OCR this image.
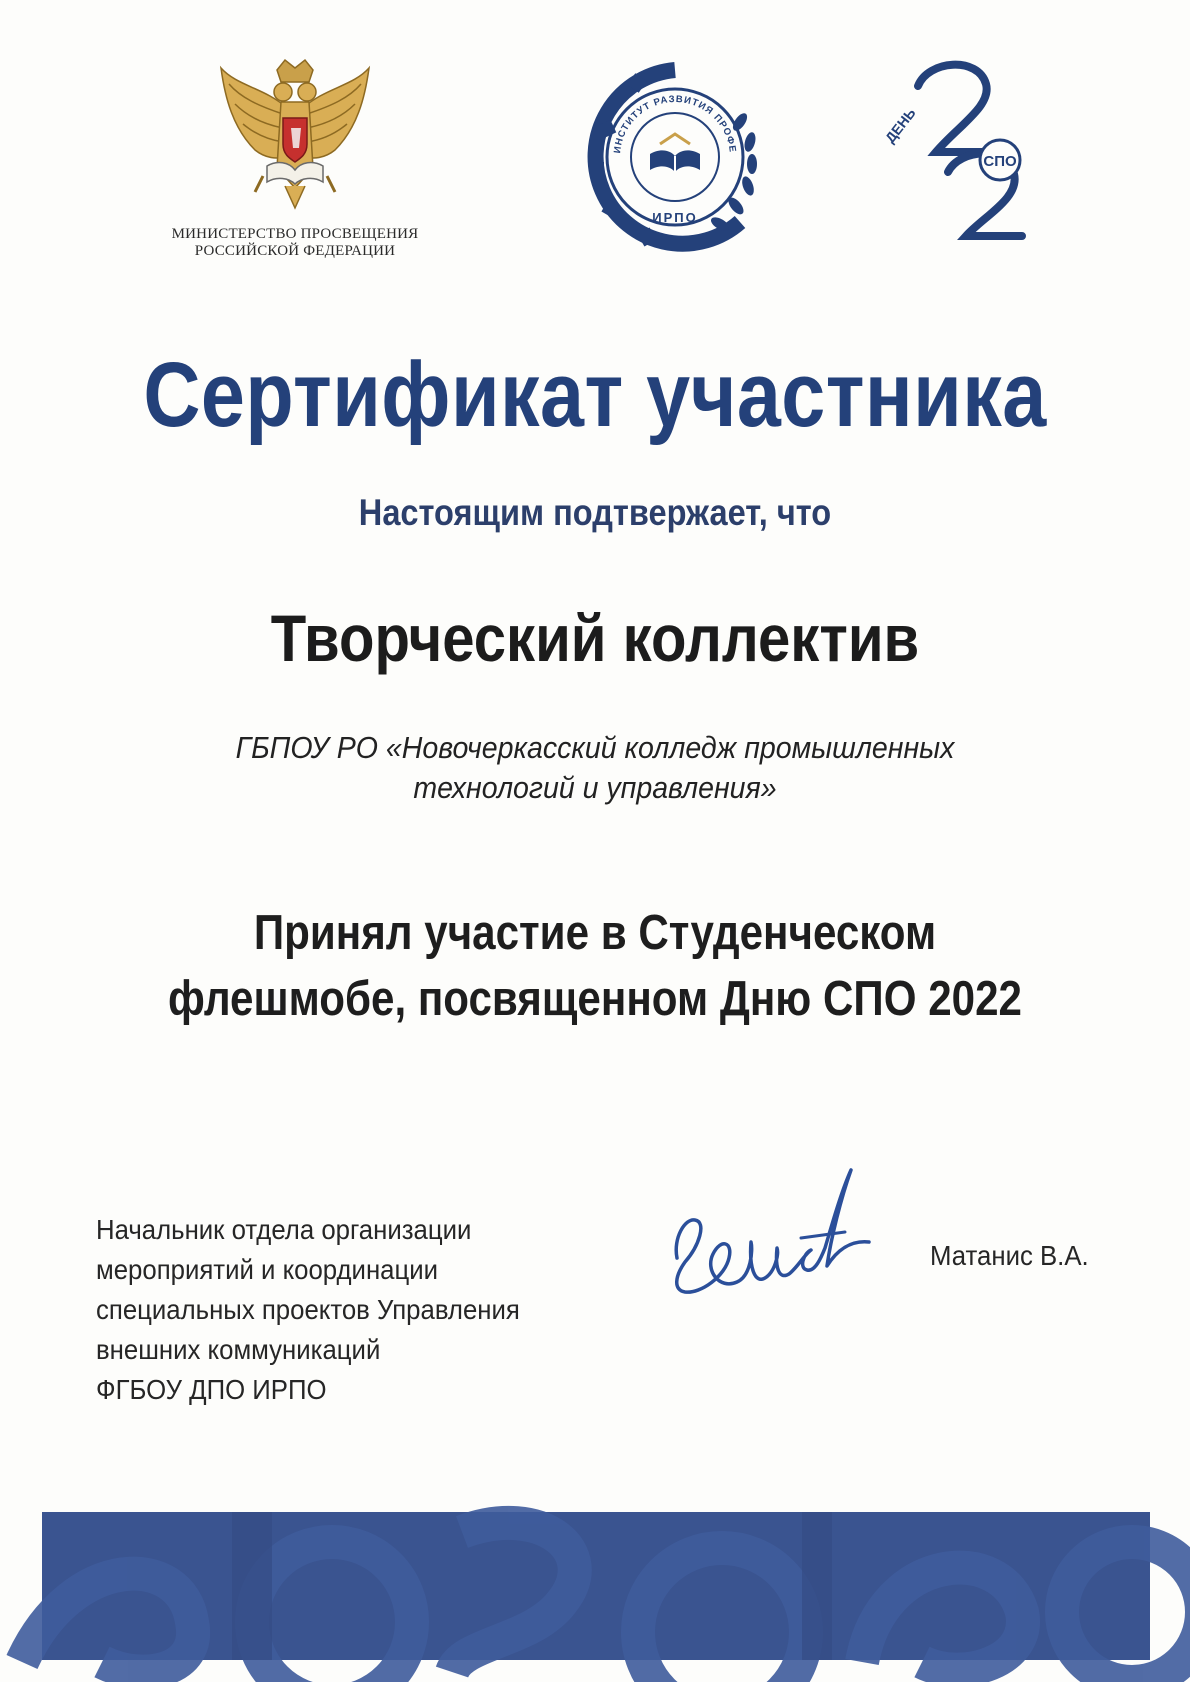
МИНИСТЕРСТВО ПРОСВЕЩЕНИЯ
РОССИЙСКОЙ ФЕДЕРАЦИИ
ИНСТИТУТ РАЗВИТИЯ ПРОФЕ
ИРПО
СПО
ДЕНЬ
Сертификат участника
Настоящим подтвержает, что
Творческий коллектив
ГБПОУ РО «Новочеркасский колледж промышленных
технологий и управления»
Принял участие в Студенческом
флешмобе, посвященном Дню СПО 2022
Начальник отдела организации
мероприятий и координации
специальных проектов Управления
внешних коммуникаций
ФГБОУ ДПО ИРПО
Матанис В.А.
